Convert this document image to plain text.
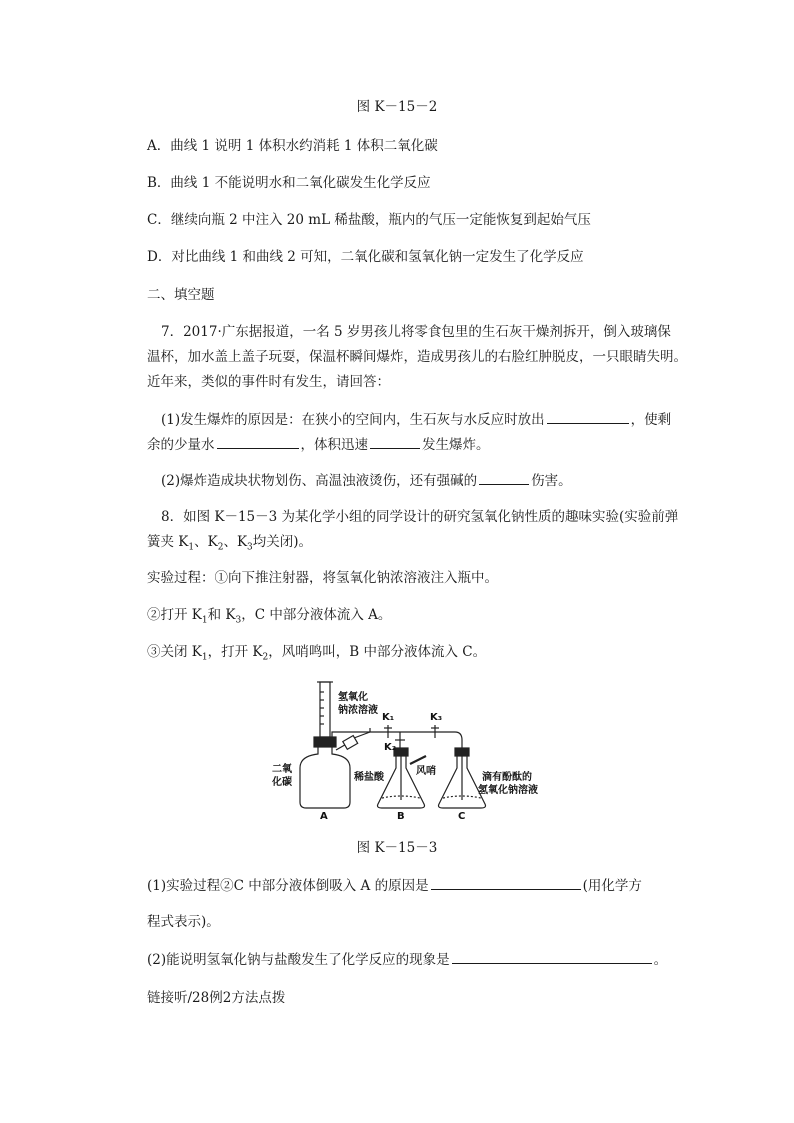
图 K－15－2
A．曲线 1 说明 1 体积水约消耗 1 体积二氧化碳
B．曲线 1 不能说明水和二氧化碳发生化学反应
C．继续向瓶 2 中注入 20 mL 稀盐酸，瓶内的气压一定能恢复到起始气压
D．对比曲线 1 和曲线 2 可知，二氧化碳和氢氧化钠一定发生了化学反应
二、填空题
7．2017·广东据报道，一名 5 岁男孩儿将零食包里的生石灰干燥剂拆开，倒入玻璃保
温杯，加水盖上盖子玩耍，保温杯瞬间爆炸，造成男孩儿的右脸红肿脱皮，一只眼睛失明。
近年来，类似的事件时有发生，请回答：
(1)发生爆炸的原因是：在狭小的空间内，生石灰与水反应时放出	，使剩
余的少量水	，体积迅速	发生爆炸。
(2)爆炸造成块状物划伤、高温浊液烫伤，还有强碱的	伤害。
8．如图 K－15－3 为某化学小组的同学设计的研究氢氧化钠性质的趣味实验(实验前弹
簧夹 $K_1$、$K_2$、$K_3$均关闭)。
实验过程：①向下推注射器，将氢氧化钠浓溶液注入瓶中。
②打开 $K_1$和 $K_3$，C 中部分液体流入 A。
③关闭 $K_1$，打开 $K_2$，风哨鸣叫，B 中部分液体流入 C。
氢氧化
钠浓溶液
K₁	K₃
K₂
二氧
化碳	稀盐酸
风哨
滴有酚酞的
氢氧化钠溶液
A	B	C
图 K－15－3
(1)实验过程②C 中部分液体倒吸入 A 的原因是	(用化学方
程式表示)。
(2)能说明氢氧化钠与盐酸发生了化学反应的现象是	。
链接听/28例2方法点拨
